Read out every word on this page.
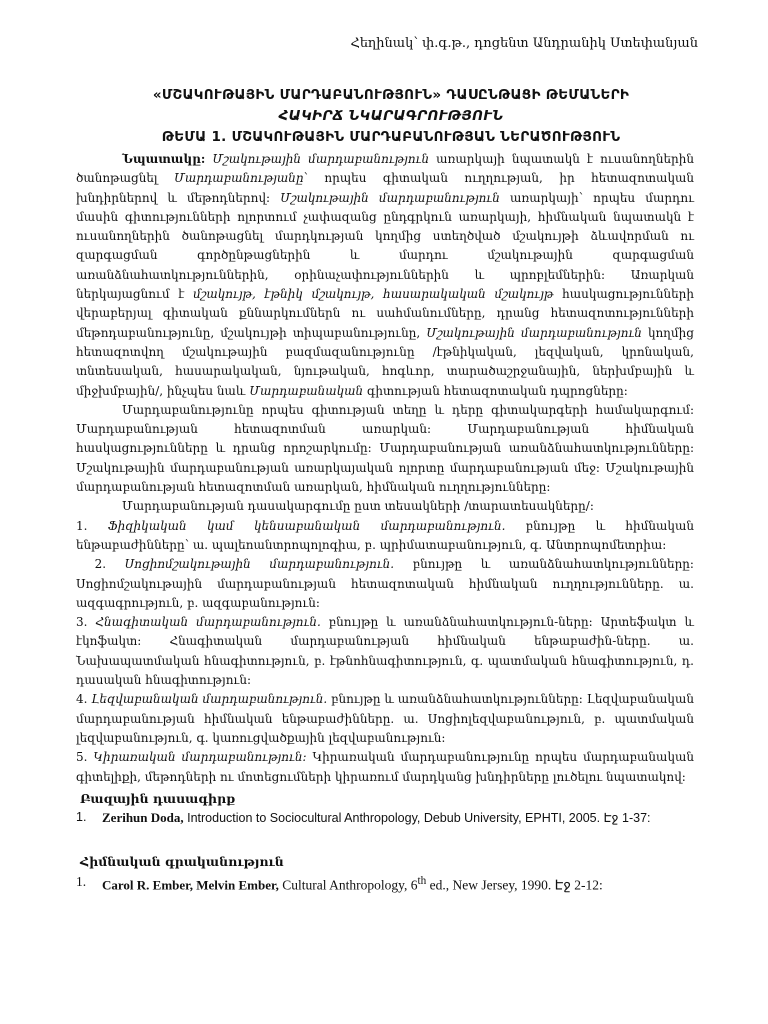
Հեղինակ՝ փ.գ.թ., դոցենտ Անդրանիկ Ստեփանյան
«ՄՇԱԿՈՒԹԱՅԻՆ ՄԱՐԴԱԲԱՆՈՒԹՅՈՒՆ» ԴԱՍԸՆԹԱՑԻ ԹԵՄԱՆԵՐԻ
ՀԱԿԻՐՃ ՆԿԱՐԱԳՐՈՒԹՅՈՒՆ
ԹԵՄԱ 1. ՄՇԱԿՈՒԹԱՅԻՆ ՄԱՐԴԱԲԱՆՈՒԹՅԱՆ ՆԵՐԱԾՈՒԹՅՈՒՆ

Նպատակը: Մշակութային մարդաբանություն առարկայի նպատակն է ուսանողներին ծանոթացնել Մարդաբանությանը՝ որպես գիտական ուղղության, իր հետազոտական խնդիրներով և մեթոդներով: Մշակութային մարդաբանություն առարկայի՝ որպես մարդու մասին գիտությունների ոլորտում չափազանց ընդգրկուն առարկայի, հիմնական նպատակն է ուսանողներին ծանոթացնել մարդկության կողմից ստեղծված մշակույթի ձևավորման ու զարգացման գործընթացներին և մարդու մշակութային զարգացման առանձնահատկություններին, օրինաչափություններին և պրոբլեմներին: Առարկան ներկայացնում է մշակույթ, էթնիկ մշակույթ, հասարակական մշակույթ հասկացությունների վերաբերյալ գիտական քննարկումներն ու սահմանումները, դրանց հետազոտությունների մեթոդաբանությունը, մշակույթի տիպաբանությունը, Մշակութային մարդաբանություն կողմից հետազոտվող մշակութային բազմազանությունը /էթնիկական, լեզվական, կրոնական, տնտեսական, հասարակական, նյութական, հոգևոր, տարածաշրջանային, ներխմբային և միջխմբային/, ինչպես նաև Մարդաբանական գիտության հետազոտական դպրոցները:

Մարդաբանությունը որպես գիտության տեղը և դերը գիտակարգերի համակարգում: Մարդաբանության հետազոտման առարկան: Մարդաբանության հիմնական հասկացությունները և դրանց որոշարկումը: Մարդաբանության առանձնահատկությունները: Մշակութային մարդաբանության առարկայական ոլորտը մարդաբանության մեջ: Մշակութային մարդաբանության հետազոտման առարկան, հիմնական ուղղությունները:

Մարդաբանության դասակարգումը ըստ տեսակների /տարատեսակները/:

1. Ֆիզիկական կամ կենսաբանական մարդաբանություն. բնույթը և հիմնական ենթաբաժինները՝ ա. պալեոանտրոպոլոգիա, բ. պրիմատաբանություն, գ. Անտրոպոմետրիա:

2. Սոցիոմշակութային մարդաբանություն. բնույթը և առանձնահատկությունները: Սոցիոմշակութային մարդաբանության հետազոտական հիմնական ուղղությունները. ա. ազգագրություն, բ. ազգաբանություն:

3. Հնագիտական մարդաբանություն. բնույթը և առանձնահատկություն-ները: Արտեֆակտ և էկոֆակտ: Հնագիտական մարդաբանության հիմնական ենթաբաժին-ները. ա. Նախապատմական հնագիտություն, բ. էթնոհնագիտություն, գ. պատմական հնագիտություն, դ. դասական հնագիտություն:

4. Լեզվաբանական մարդաբանություն. բնույթը և առանձնահատկությունները: Լեզվաբանական մարդաբանության հիմնական ենթաբաժինները. ա. Սոցիոլեզվաբանություն, բ. պատմական լեզվաբանություն, գ. կառուցվածքային լեզվաբանություն:

5. Կիրառական մարդաբանություն: Կիրառական մարդաբանությունը որպես մարդաբանական գիտելիքի, մեթոդների ու մոտեցումների կիրառում մարդկանց խնդիրները լուծելու նպատակով:

Բազային դասագիրք

1. Zerihun Doda, Introduction to Sociocultural Anthropology, Debub University, EPHTI, 2005. Էջ 1-37:

Հիմնական գրականություն

1. Carol R. Ember, Melvin Ember, Cultural Anthropology, 6th ed., New Jersey, 1990. Էջ 2-12:
